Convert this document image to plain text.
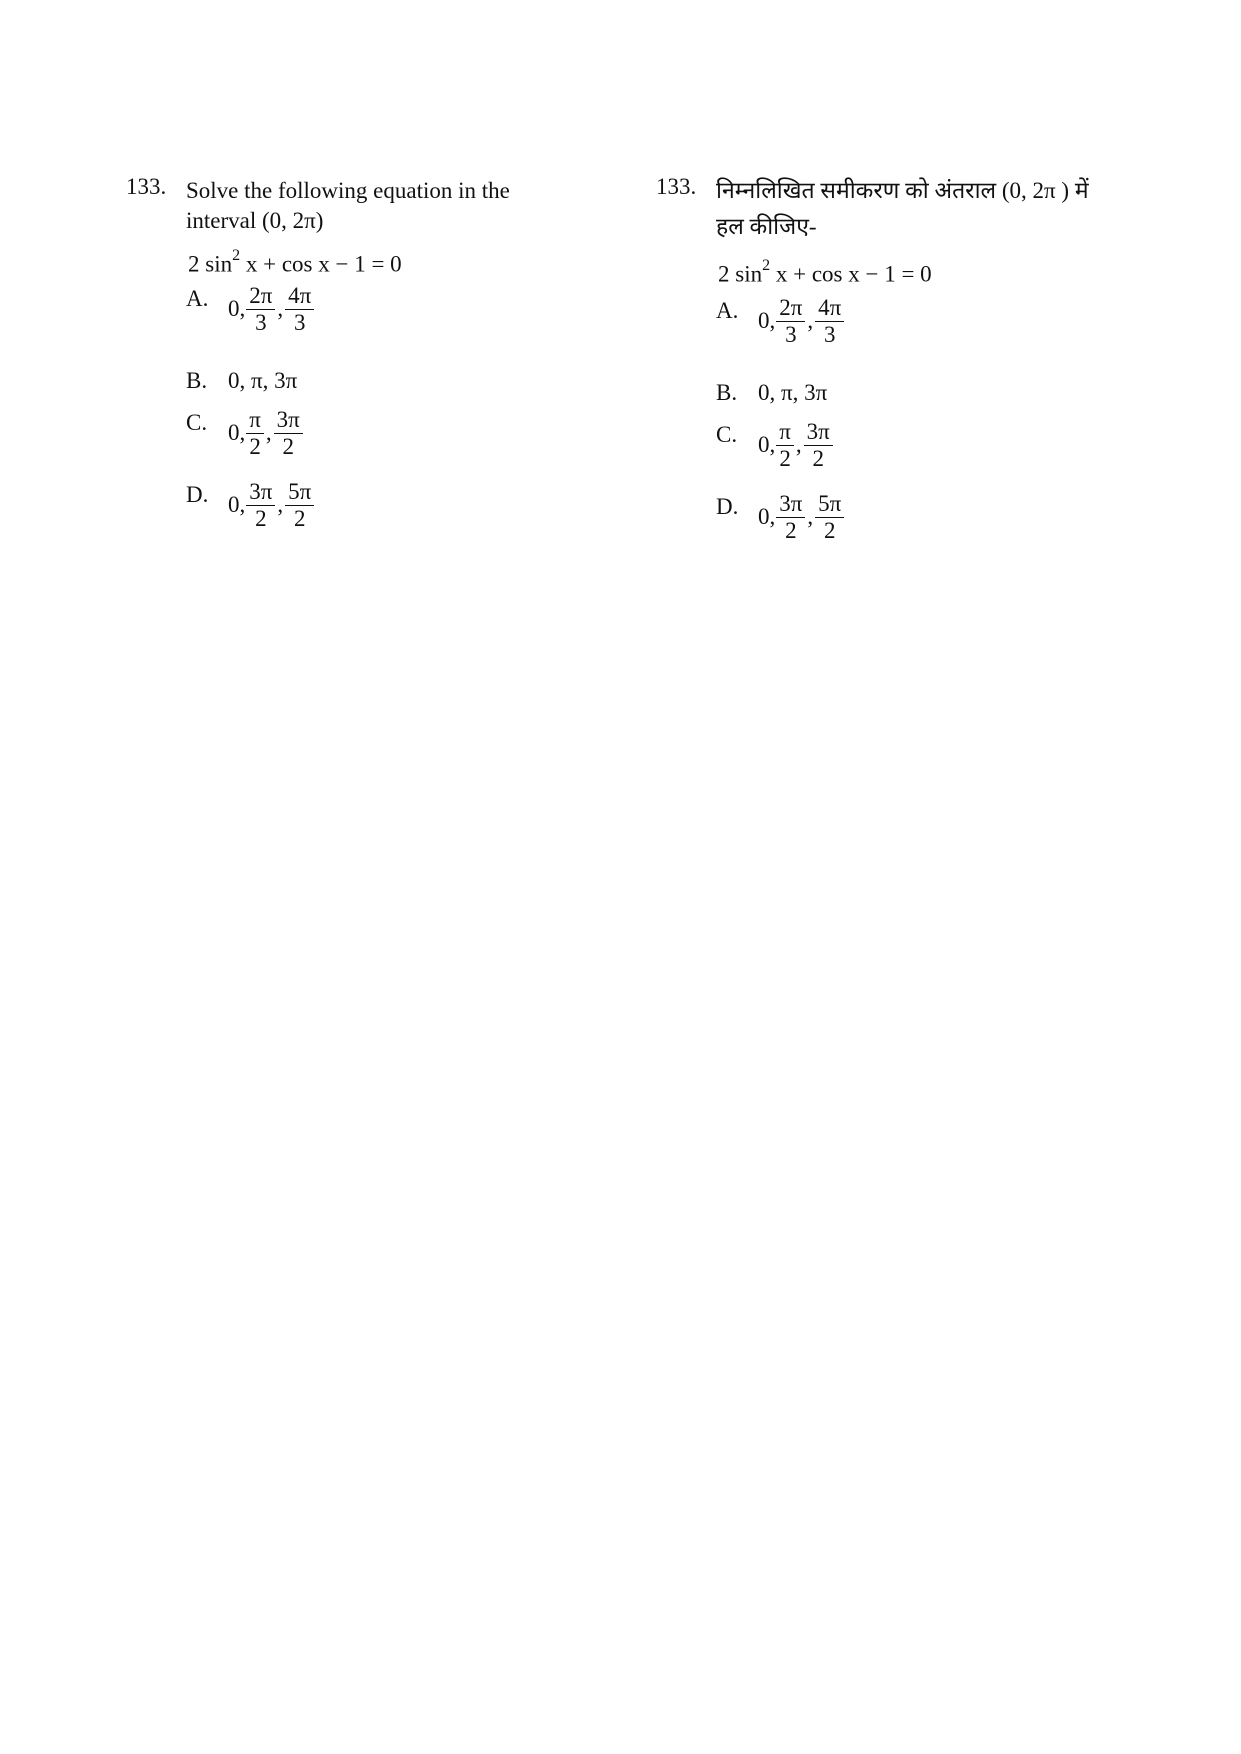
133. Solve the following equation in the
interval (0, 2π)
2 $\sin^2 x + \cos x - 1 = 0$
A. 0, $\frac{2\pi}{3}$ , $\frac{4\pi}{3}$
B. 0, π, 3π
C. 0, $\frac{\pi}{2}$ , $\frac{3\pi}{2}$
D. 0, $\frac{3\pi}{2}$ , $\frac{5\pi}{2}$
133. निम्नलिखित समीकरण को अंतराल (0, 2π ) में
हल कीजिए-
2 $\sin^2 x + \cos x - 1 = 0$
A. 0, $\frac{2\pi}{3}$ , $\frac{4\pi}{3}$
B. 0, π, 3π
C. 0, $\frac{\pi}{2}$ , $\frac{3\pi}{2}$
D. 0, $\frac{3\pi}{2}$ , $\frac{5\pi}{2}$
